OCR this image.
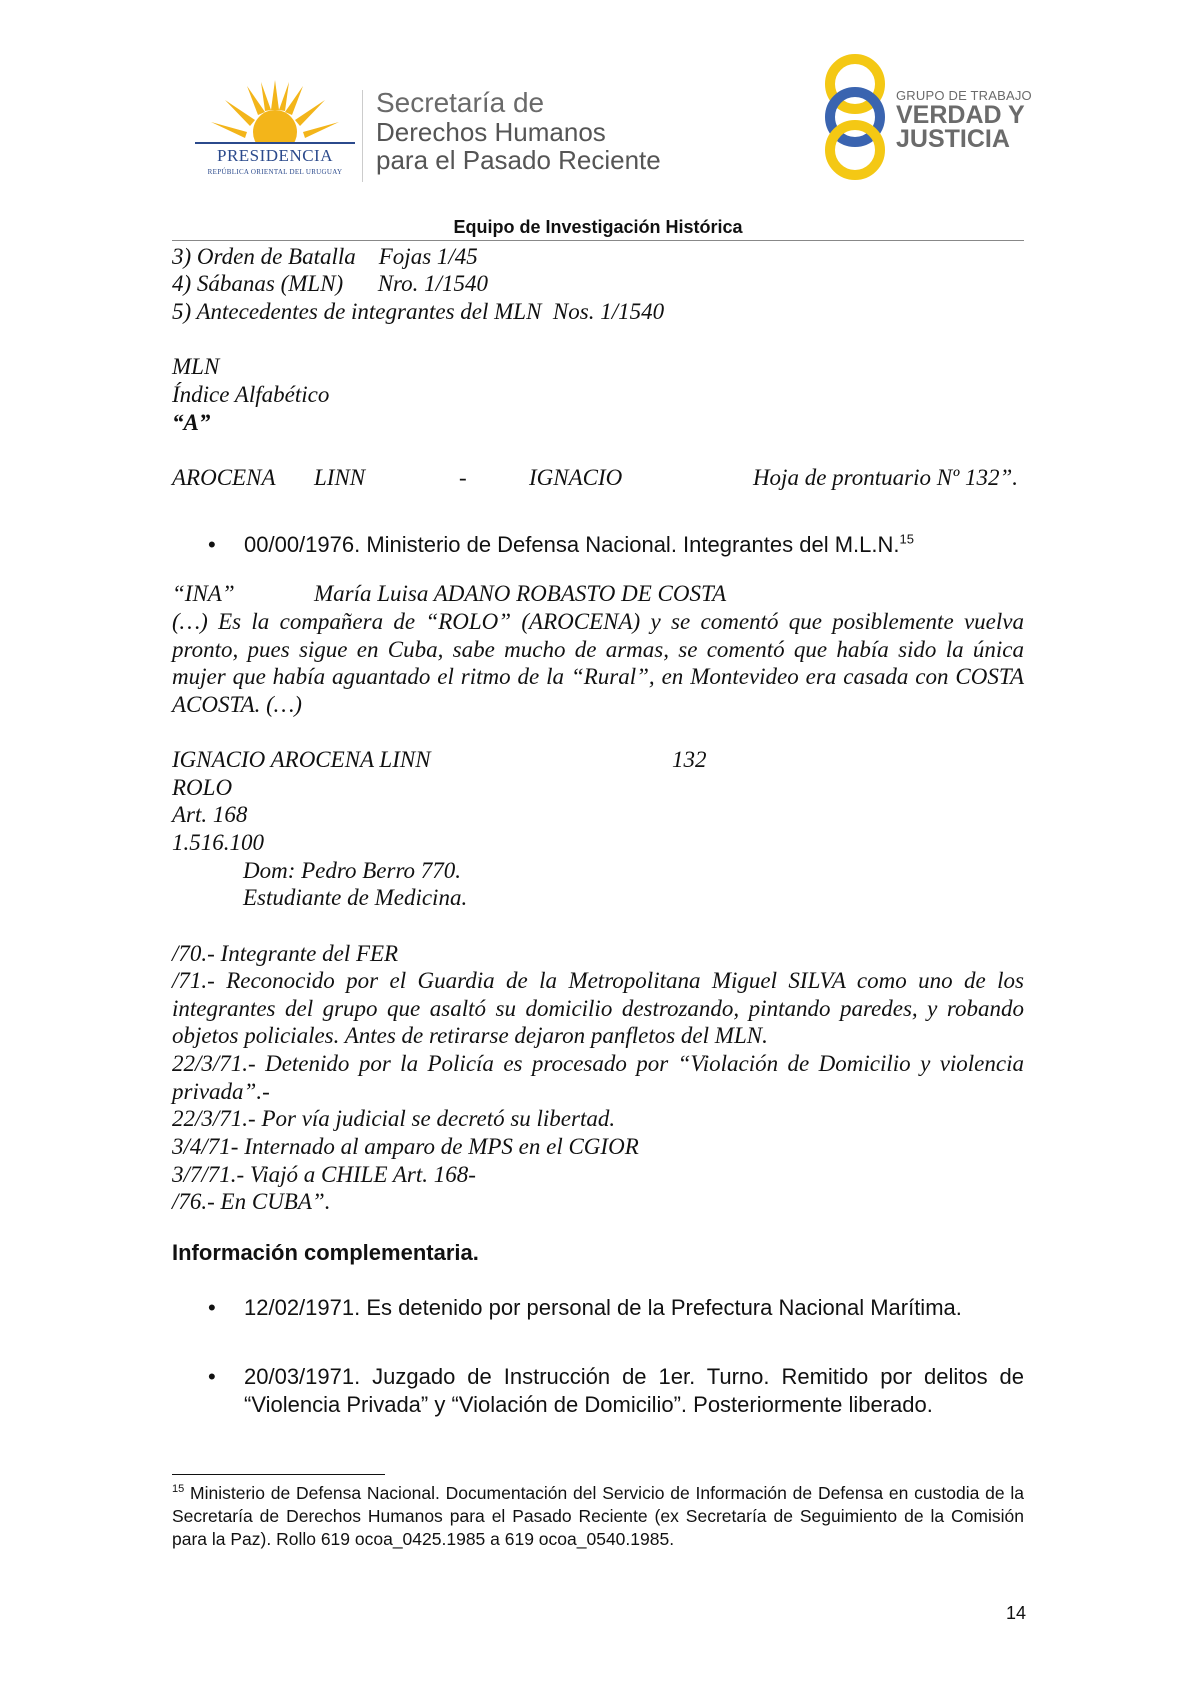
PRESIDENCIA
REPÚBLICA ORIENTAL DEL URUGUAY
Secretaría de
Derechos Humanos
para el Pasado Reciente
GRUPO DE TRABAJO
VERDAD Y
JUSTICIA
Equipo de Investigación Histórica
3) Orden de Batalla    Fojas 1/45
4) Sábanas (MLN)      Nro. 1/1540
5) Antecedentes de integrantes del MLN  Nos. 1/1540
MLN
Índice Alfabético
“A”
AROCENA LINN	-	IGNACIO	Hoja de prontuario Nº 132”.
• 00/00/1976. Ministerio de Defensa Nacional. Integrantes del M.L.N.$^{15}$
“INA”	María Luisa ADANO ROBASTO DE COSTA
(…) Es la compañera de “ROLO” (AROCENA) y se comentó que posiblemente vuelva pronto, pues sigue en Cuba, sabe mucho de armas, se comentó que había sido la única mujer que había aguantado el ritmo de la “Rural”, en Montevideo era casada con COSTA ACOSTA. (…)
IGNACIO AROCENA LINN	132
ROLO
Art. 168
1.516.100
Dom: Pedro Berro 770.
Estudiante de Medicina.
/70.- Integrante del FER
/71.- Reconocido por el Guardia de la Metropolitana Miguel SILVA como uno de los integrantes del grupo que asaltó su domicilio destrozando, pintando paredes, y robando objetos policiales. Antes de retirarse dejaron panfletos del MLN.
22/3/71.- Detenido por la Policía es procesado por “Violación de Domicilio y violencia privada”.-
22/3/71.- Por vía judicial se decretó su libertad.
3/4/71- Internado al amparo de MPS en el CGIOR
3/7/71.- Viajó a CHILE Art. 168-
/76.- En CUBA”.
Información complementaria.
• 12/02/1971. Es detenido por personal de la Prefectura Nacional Marítima.
• 20/03/1971. Juzgado de Instrucción de 1er. Turno. Remitido por delitos de “Violencia Privada” y “Violación de Domicilio”. Posteriormente liberado.
$^{15}$ Ministerio de Defensa Nacional. Documentación del Servicio de Información de Defensa en custodia de la Secretaría de Derechos Humanos para el Pasado Reciente (ex Secretaría de Seguimiento de la Comisión para la Paz). Rollo 619 ocoa_0425.1985 a 619 ocoa_0540.1985.
14
